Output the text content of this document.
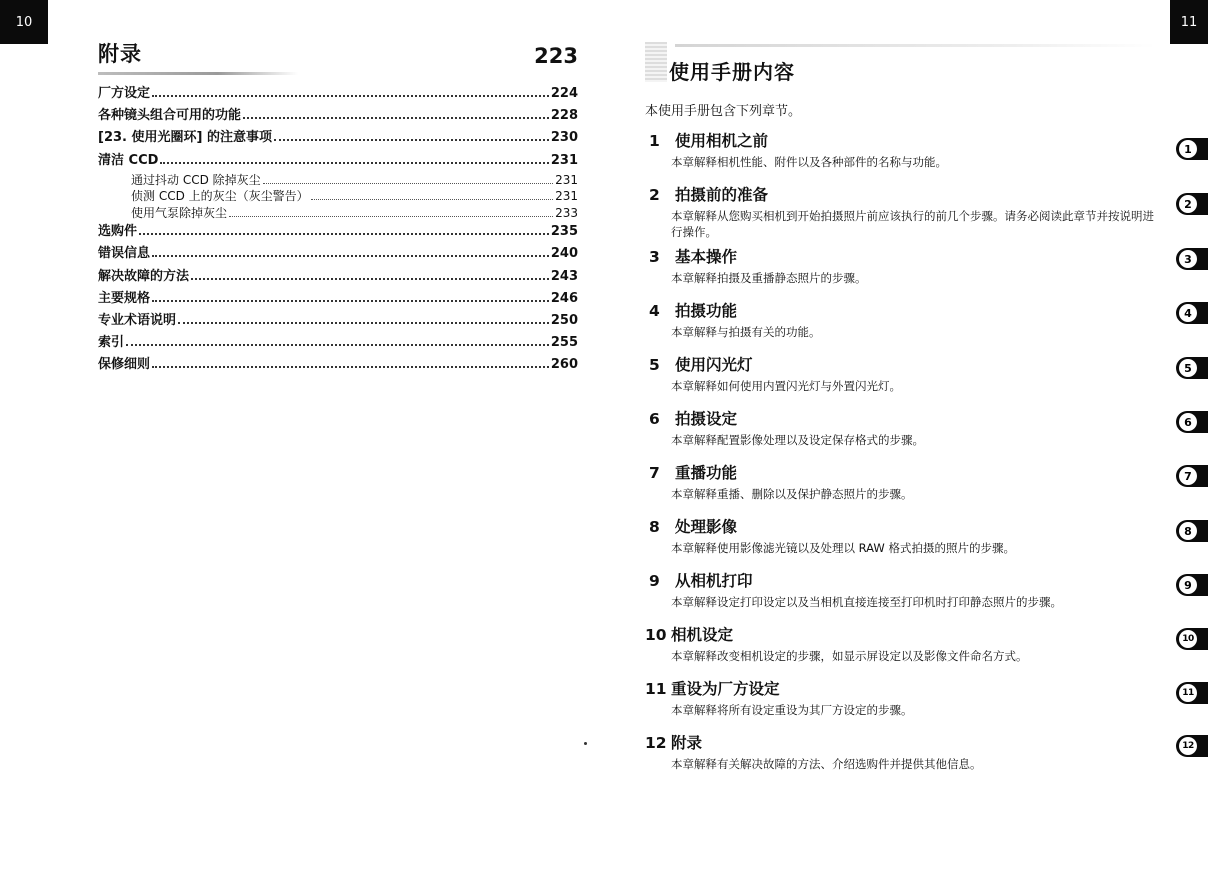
10	11
附录	223
厂方设定	224
各种镜头组合可用的功能	228
[23. 使用光圈环] 的注意事项	230
清洁 CCD	231
通过抖动 CCD 除掉灰尘	231
侦测 CCD 上的灰尘（灰尘警告）	231
使用气泵除掉灰尘	233
选购件	235
错误信息	240
解决故障的方法	243
主要规格	246
专业术语说明	250
索引	255
保修细则	260
使用手册内容
本使用手册包含下列章节。
1 使用相机之前
本章解释相机性能、附件以及各种部件的名称与功能。
2 拍摄前的准备
本章解释从您购买相机到开始拍摄照片前应该执行的前几个步骤。请务必阅读此章节并按说明进行操作。
3 基本操作
本章解释拍摄及重播静态照片的步骤。
4 拍摄功能
本章解释与拍摄有关的功能。
5 使用闪光灯
本章解释如何使用内置闪光灯与外置闪光灯。
6 拍摄设定
本章解释配置影像处理以及设定保存格式的步骤。
7 重播功能
本章解释重播、删除以及保护静态照片的步骤。
8 处理影像
本章解释使用影像滤光镜以及处理以 RAW 格式拍摄的照片的步骤。
9 从相机打印
本章解释设定打印设定以及当相机直接连接至打印机时打印静态照片的步骤。
10 相机设定
本章解释改变相机设定的步骤，如显示屏设定以及影像文件命名方式。
11 重设为厂方设定
本章解释将所有设定重设为其厂方设定的步骤。
12 附录
本章解释有关解决故障的方法、介绍选购件并提供其他信息。
1
2
3
4
5
6
7
8
9
10
11
12
